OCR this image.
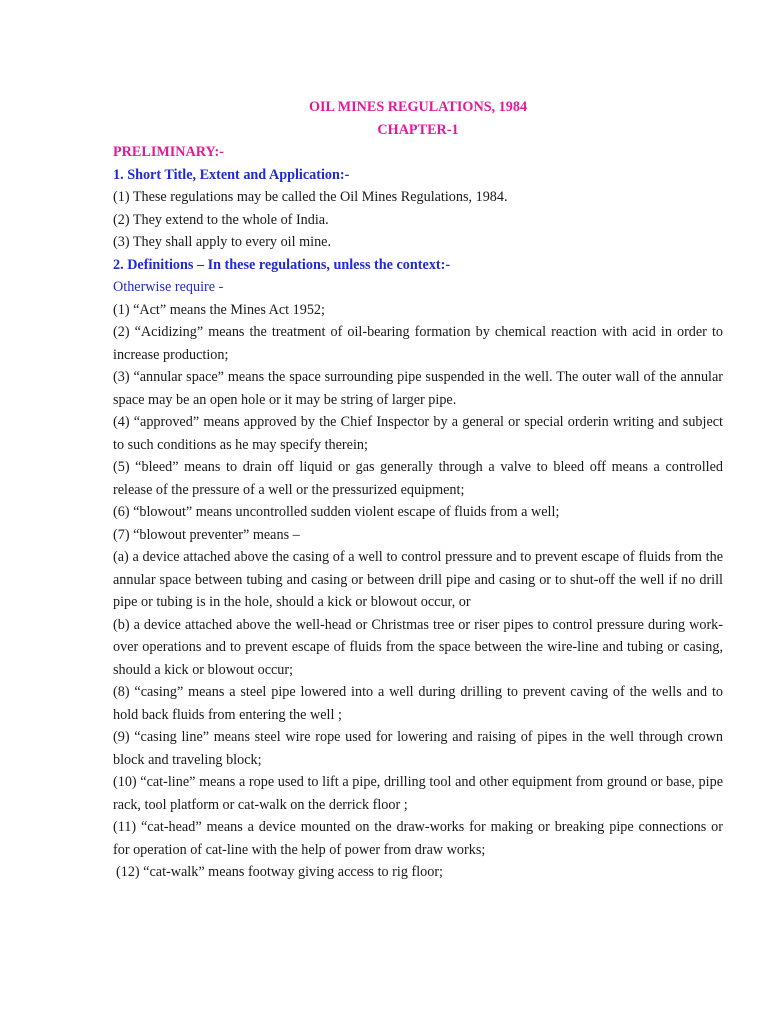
OIL MINES REGULATIONS, 1984

CHAPTER-1

PRELIMINARY:-

1. Short Title, Extent and Application:-

(1) These regulations may be called the Oil Mines Regulations, 1984.

(2) They extend to the whole of India.

(3) They shall apply to every oil mine.

2. Definitions – In these regulations, unless the context:-

Otherwise require -

(1) “Act” means the Mines Act 1952;

(2) “Acidizing” means the treatment of oil-bearing formation by chemical reaction with acid in order to increase production;

(3) “annular space” means the space surrounding pipe suspended in the well. The outer wall of the annular space may be an open hole or it may be string of larger pipe.

(4) “approved” means approved by the Chief Inspector by a general or special orderin writing and subject to such conditions as he may specify therein;

(5) “bleed” means to drain off liquid or gas generally through a valve to bleed off means a controlled release of the pressure of a well or the pressurized equipment;

(6) “blowout” means uncontrolled sudden violent escape of fluids from a well;

(7) “blowout preventer” means –

(a) a device attached above the casing of a well to control pressure and to prevent escape of fluids from the annular space between tubing and casing or between drill pipe and casing or to shut-off the well if no drill pipe or tubing is in the hole, should a kick or blowout occur, or

(b) a device attached above the well-head or Christmas tree or riser pipes to control pressure during work-over operations and to prevent escape of fluids from the space between the wire-line and tubing or casing, should a kick or blowout occur;

(8) “casing” means a steel pipe lowered into a well during drilling to prevent caving of the wells and to hold back fluids from entering the well ;

(9) “casing line” means steel wire rope used for lowering and raising of pipes in the well through crown block and traveling block;

(10) “cat-line” means a rope used to lift a pipe, drilling tool and other equipment from ground or base, pipe rack, tool platform or cat-walk on the derrick floor ;

(11) “cat-head” means a device mounted on the draw-works for making or breaking pipe connections or for operation of cat-line with the help of power from draw works;

(12) “cat-walk” means footway giving access to rig floor;
